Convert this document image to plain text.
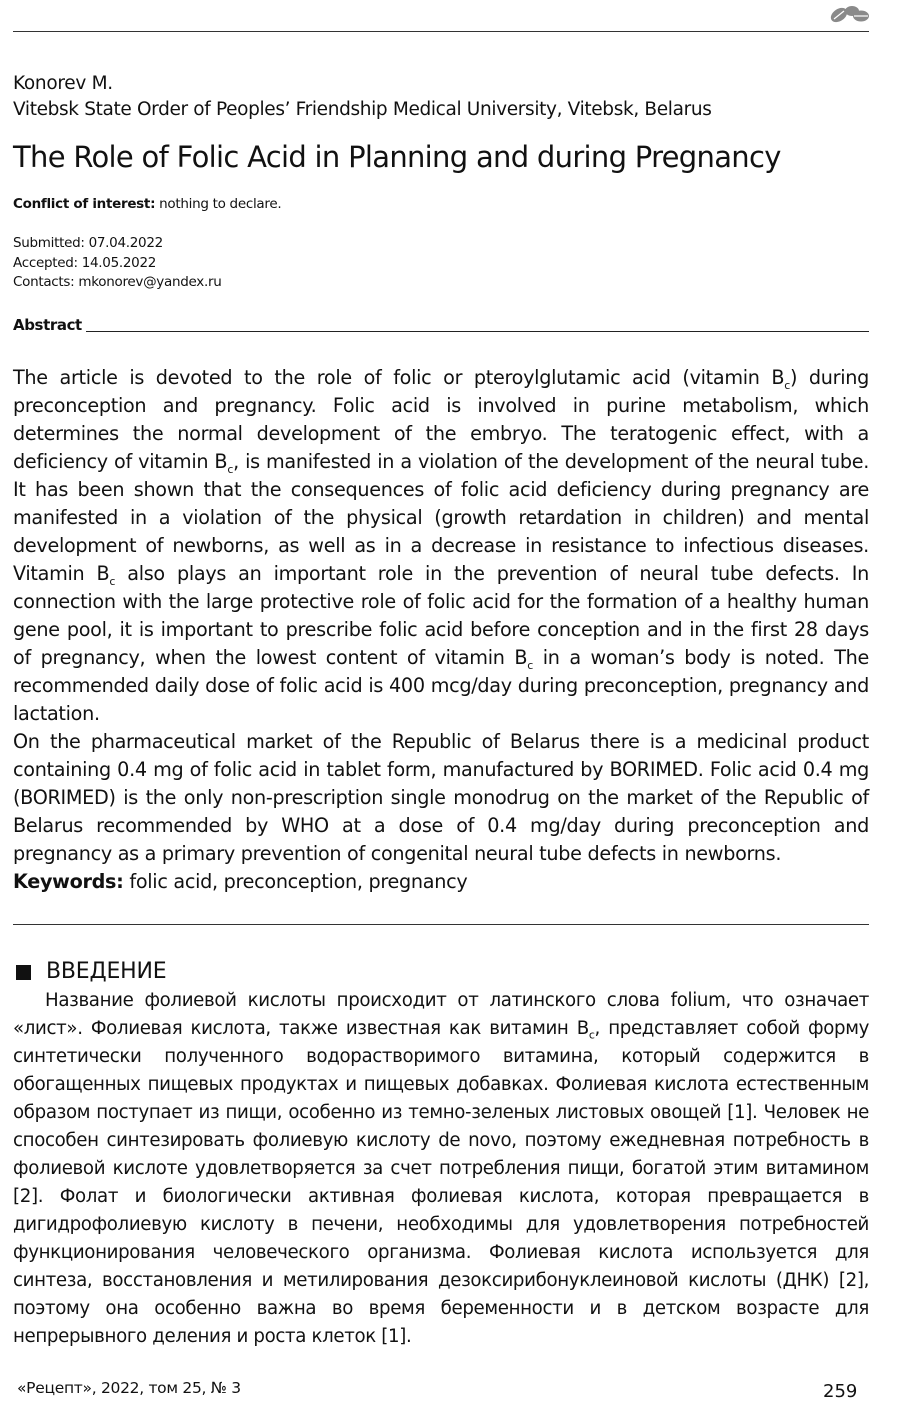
Konorev M.
Vitebsk State Order of Peoples’ Friendship Medical University, Vitebsk, Belarus
The Role of Folic Acid in Planning and during Pregnancy
Conflict of interest: nothing to declare.
Submitted: 07.04.2022
Accepted: 14.05.2022
Contacts: mkonorev@yandex.ru
Abstract

The article is devoted to the role of folic or pteroylglutamic acid (vitamin $B_c$) during preconception and pregnancy. Folic acid is involved in purine metabolism, which determines the normal development of the embryo. The teratogenic effect, with a deficiency of vitamin $B_c$, is manifested in a violation of the development of the neural tube. It has been shown that the consequences of folic acid deficiency during pregnancy are manifested in a violation of the physical (growth retardation in children) and mental development of newborns, as well as in a decrease in resistance to infectious diseases. Vitamin $B_c$ also plays an important role in the prevention of neural tube defects. In connection with the large protective role of folic acid for the formation of a healthy human gene pool, it is important to prescribe folic acid before conception and in the first 28 days of pregnancy, when the lowest content of vitamin $B_c$ in a woman’s body is noted. The recommended daily dose of folic acid is 400 mcg/day during preconception, pregnancy and lactation.

On the pharmaceutical market of the Republic of Belarus there is a medicinal product containing 0.4 mg of folic acid in tablet form, manufactured by BORIMED. Folic acid 0.4 mg (BORIMED) is the only non-prescription single monodrug on the market of the Republic of Belarus recommended by WHO at a dose of 0.4 mg/day during preconception and pregnancy as a primary prevention of congenital neural tube defects in newborns.

Keywords: folic acid, preconception, pregnancy

ВВЕДЕНИЕ

Название фолиевой кислоты происходит от латинского слова folium, что означает «лист». Фолиевая кислота, также известная как витамин $B_c$, представляет собой форму синтетически полученного водорастворимого витамина, который содержится в обогащенных пищевых продуктах и пищевых добавках. Фолиевая кислота естественным образом поступает из пищи, особенно из темно-зеленых листовых овощей [1]. Человек не способен синтезировать фолиевую кислоту de novo, поэтому ежедневная потребность в фолиевой кислоте удовлетворяется за счет потребления пищи, богатой этим витамином [2]. Фолат и биологически активная фолиевая кислота, которая превращается в дигидрофолиевую кислоту в печени, необходимы для удовлетворения потребностей функционирования человеческого организма. Фолиевая кислота используется для синтеза, восстановления и метилирования дезоксирибонуклеиновой кислоты (ДНК) [2], поэтому она особенно важна во время беременности и в детском возрасте для непрерывного деления и роста клеток [1].

«Рецепт», 2022, том 25, № 3	259
